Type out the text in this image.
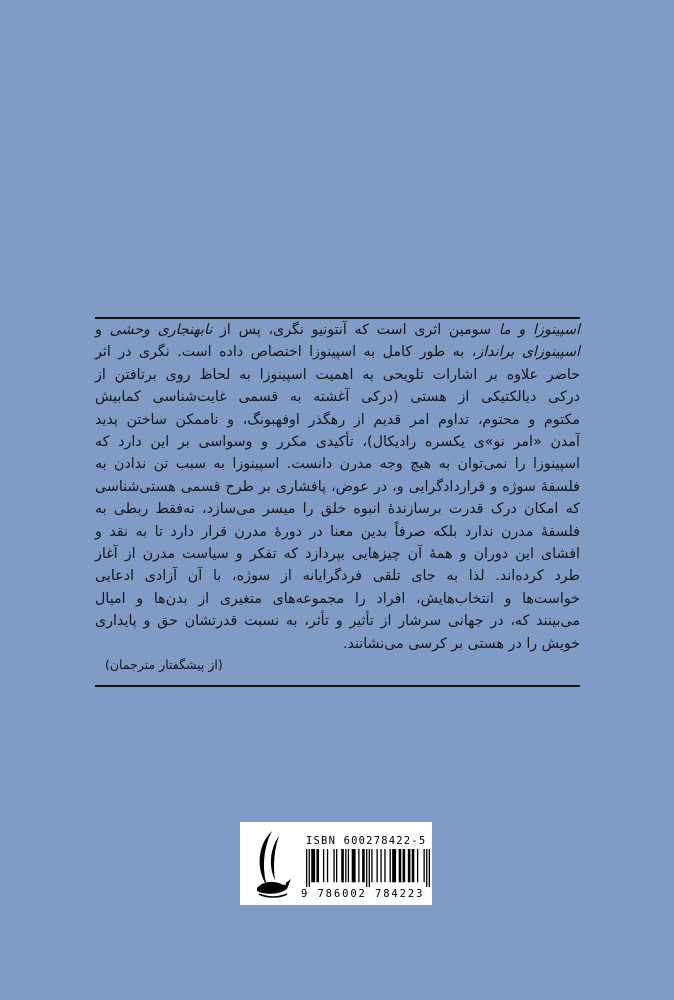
اسپینوزا و ما سومین اثری است که آنتونیو نگری، پس از نابهنجاری وحشی و
اسپینوزای برانداز، به طور کامل به اسپینوزا اختصاص داده است. نگری در اثر
حاضر علاوه بر اشارات تلویحی به اهمیت اسپینوزا به لحاظ روی برتافتن از
درکی دیالکتیکی از هستی (درکی آغشته به قسمی غایت‌شناسی کمابیش
مکتوم و محتوم، تداوم امر قدیم از رهگذر اوفهبونگ، و ناممکن ساختن پدید
آمدن «امر نو»ی یکسره رادیکال)، تأکیدی مکرر و وسواسی بر این دارد که
اسپینوزا را نمی‌توان به هیچ وجه مدرن دانست. اسپینوزا به سبب تن ندادن به
فلسفهٔ سوژه و قراردادگرایی و، در عوض، پافشاری بر طرح قسمی هستی‌شناسی
که امکان درک قدرت برسازندهٔ انبوه خلق را میسر می‌سازد، نه‌فقط ربطی به
فلسفهٔ مدرن ندارد بلکه صرفاً بدین معنا در دورهٔ مدرن قرار دارد تا به نقد و
افشای این دوران و همهٔ آن چیزهایی بپردازد که تفکر و سیاست مدرن از آغاز
طرد کرده‌اند. لذا به جای تلقی فردگرایانه از سوژه، با آن آزادی ادعایی
خواست‌ها و انتخاب‌هایش، افراد را مجموعه‌های متغیری از بدن‌ها و امیال
می‌بینند که، در جهانی سرشار از تأثیر و تأثر، به نسبت قدرتشان حق و پایداری
خویش را در هستی بر کرسی می‌نشانند.
(از پیشگفتار مترجمان)
ISBN 600278422-5
9 786002 784223
